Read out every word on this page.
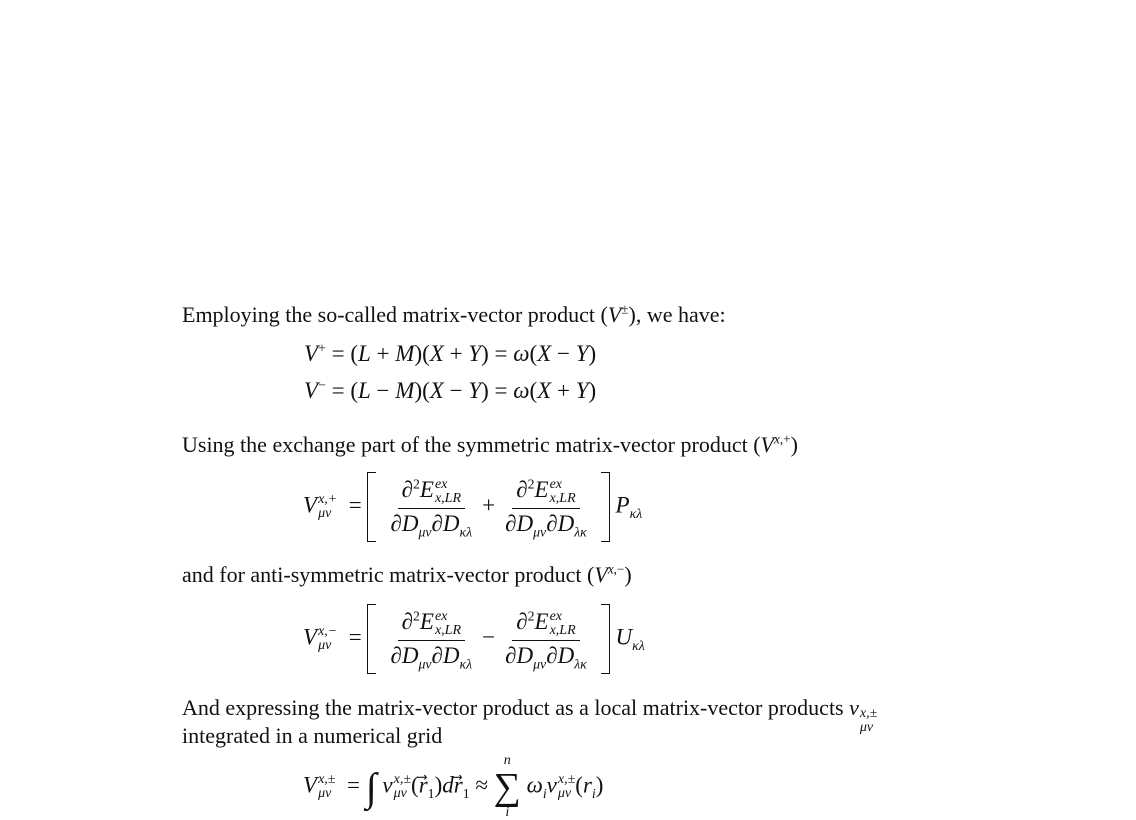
Employing the so-called matrix-vector product (V±), we have:
V+ = (L + M)(X + Y) = ω(X − Y)
V− = (L − M)(X − Y) = ω(X + Y)
Using the exchange part of the symmetric matrix-vector product $(V^{x,+})$
V x,+
μν = ∂$^2$E ex
x,LR
$\partial D_{\mu\nu}\partial D_{\kappa\lambda} + \partial^2E$ ex
x,LR
$\partial D_{\mu\nu}\partial D_{\lambda\kappa}$ $P_{\kappa\lambda}$
and for anti-symmetric matrix-vector product $(V^{x,-})$
V x,−
μν = ∂$^2$E ex
x,LR
$\partial D_{\mu\nu}\partial D_{\kappa\lambda} - \partial^2E$ ex
x,LR
$\partial D_{\mu\nu}\partial D_{\lambda\kappa}$ $U_{\kappa\lambda}$
And expressing the matrix-vector product as a local matrix-vector products v x,±
μν
integrated in a numerical grid
V x,±
μν = ∫ v x,±
μν $(r_1)dr_1$ ≈
n
∑
i
$\omega_iv$ x,±
μν $(r_i)$
